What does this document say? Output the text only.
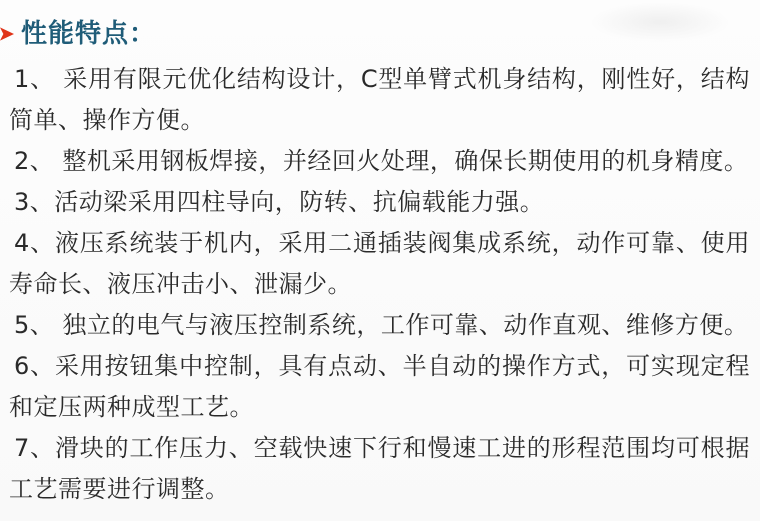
性能特点：

1、 采用有限元优化结构设计，C型单臂式机身结构，刚性好，结构

简单、操作方便。

2、 整机采用钢板焊接，并经回火处理，确保长期使用的机身精度。

3、活动梁采用四柱导向，防转、抗偏载能力强。

4、液压系统装于机内，采用二通插装阀集成系统，动作可靠、使用

寿命长、液压冲击小、泄漏少。

5、 独立的电气与液压控制系统，工作可靠、动作直观、维修方便。

6、采用按钮集中控制，具有点动、半自动的操作方式，可实现定程

和定压两种成型工艺。

7、滑块的工作压力、空载快速下行和慢速工进的形程范围均可根据

工艺需要进行调整。
